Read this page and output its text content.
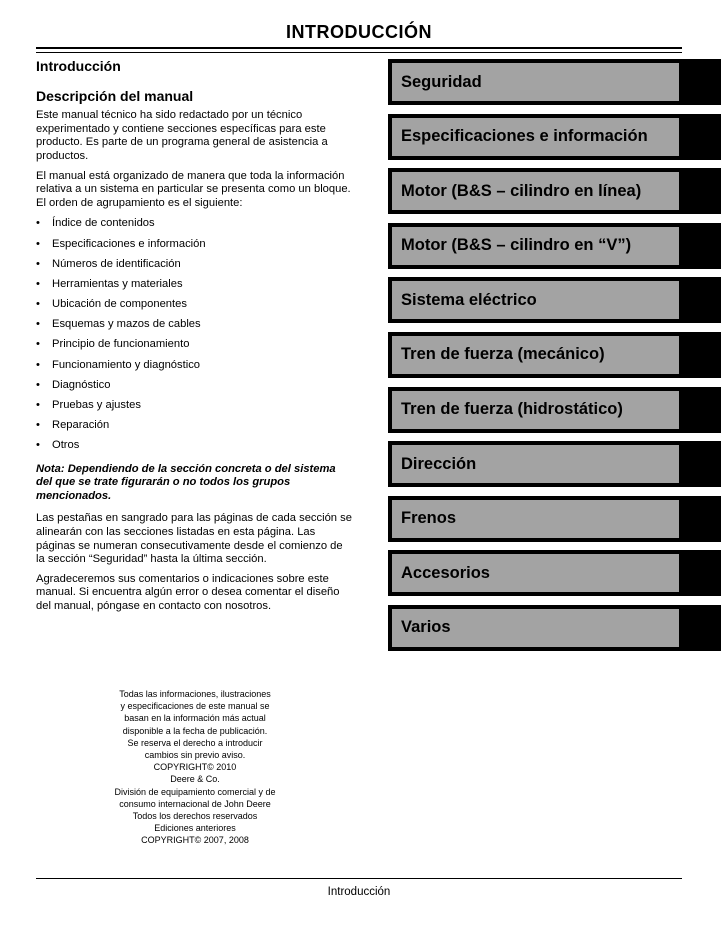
INTRODUCCIÓN
Introducción
Descripción del manual

Este manual técnico ha sido redactado por un técnico experimentado y contiene secciones específicas para este producto. Es parte de un programa general de asistencia a productos.

El manual está organizado de manera que toda la información relativa a un sistema en particular se presenta como un bloque. El orden de agrupamiento es el siguiente:

• Índice de contenidos
• Especificaciones e información
• Números de identificación
• Herramientas y materiales
• Ubicación de componentes
• Esquemas y mazos de cables
• Principio de funcionamiento
• Funcionamiento y diagnóstico
• Diagnóstico
• Pruebas y ajustes
• Reparación
• Otros

Nota: Dependiendo de la sección concreta o del sistema del que se trate figurarán o no todos los grupos mencionados.

Las pestañas en sangrado para las páginas de cada sección se alinearán con las secciones listadas en esta página. Las páginas se numeran consecutivamente desde el comienzo de la sección “Seguridad” hasta la última sección.

Agradeceremos sus comentarios o indicaciones sobre este manual. Si encuentra algún error o desea comentar el diseño del manual, póngase en contacto con nosotros.

Todas las informaciones, ilustraciones
y especificaciones de este manual se
basan en la información más actual
disponible a la fecha de publicación.
Se reserva el derecho a introducir
cambios sin previo aviso.
COPYRIGHT© 2010
Deere & Co.
División de equipamiento comercial y de
consumo internacional de John Deere
Todos los derechos reservados
Ediciones anteriores
COPYRIGHT© 2007, 2008
Seguridad
Especificaciones e información
Motor (B&S – cilindro en línea)
Motor (B&S – cilindro en “V”)
Sistema eléctrico
Tren de fuerza (mecánico)
Tren de fuerza (hidrostático)
Dirección
Frenos
Accesorios
Varios
Introducción
